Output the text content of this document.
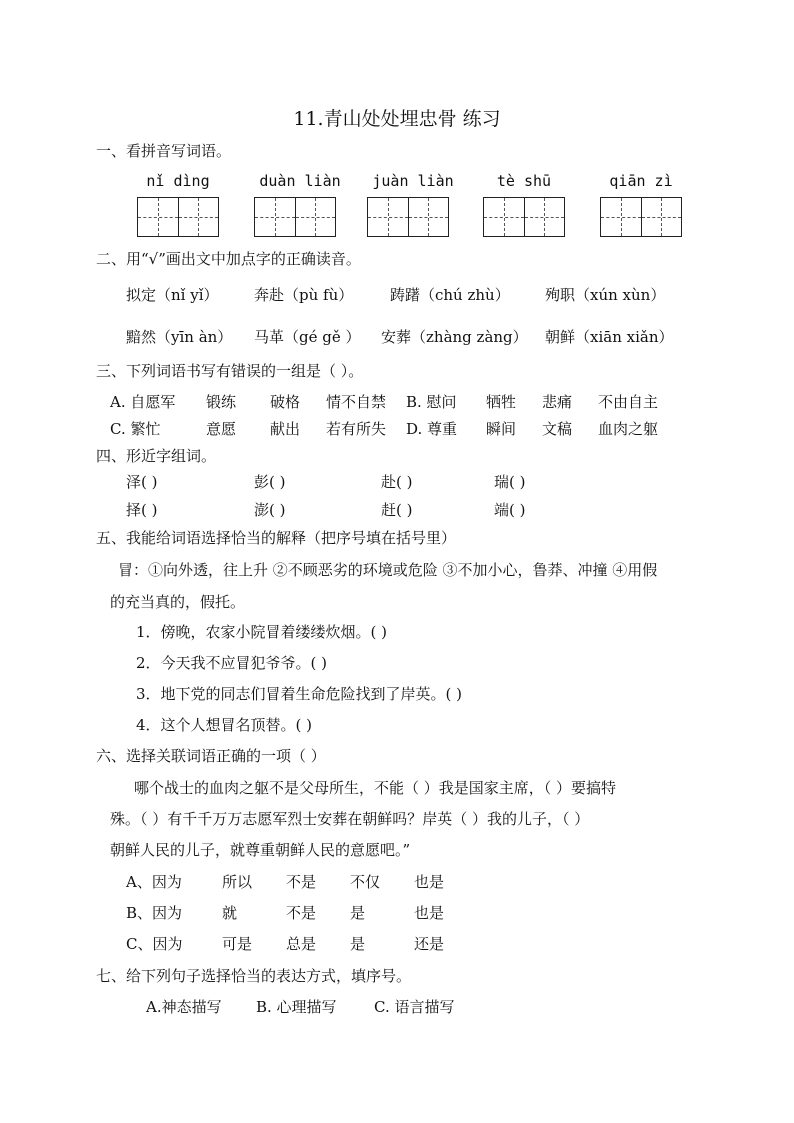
11.青山处处埋忠骨 练习
一、看拼音写词语。
nǐ dìng	duàn liàn	juàn liàn	tè shū	qiān zì
二、用“√”画出文中加点字的正确读音。
拟定（nǐ yǐ） 奔赴（pù fù） 踌躇（chú zhù） 殉职（xún xùn）
黯然（yīn àn） 马革（gé gě ） 安葬（zhàng zàng） 朝鲜（xiān xiǎn）
三、下列词语书写有错误的一组是（ ）。
A. 自愿军 锻练 破格 情不自禁 B. 慰问 牺牲 悲痛 不由自主
C. 繁忙	意愿 献出 若有所失 D. 尊重 瞬间 文稿 血肉之躯
四、形近字组词。
泽( )	彭( )	赴( )	瑞( )
择( )	澎( )	赶( )	端( )
五、我能给词语选择恰当的解释（把序号填在括号里）
冒：①向外透，往上升 ②不顾恶劣的环境或危险 ③不加小心，鲁莽、冲撞 ④用假
的充当真的，假托。
1．傍晚，农家小院冒着缕缕炊烟。( )
2．今天我不应冒犯爷爷。( )
3．地下党的同志们冒着生命危险找到了岸英。( )
4．这个人想冒名顶替。( )
六、选择关联词语正确的一项（ ）
哪个战士的血肉之躯不是父母所生，不能（ ）我是国家主席，（ ）要搞特
殊。（ ）有千千万万志愿军烈士安葬在朝鲜吗？岸英（ ）我的儿子，（ ）
朝鲜人民的儿子，就尊重朝鲜人民的意愿吧。”
A、因为	所以 不是 不仅 也是
B、因为	就	不是 是	也是
C、因为	可是 总是 是	还是
七、给下列句子选择恰当的表达方式，填序号。
A.神态描写 B. 心理描写 C. 语言描写
